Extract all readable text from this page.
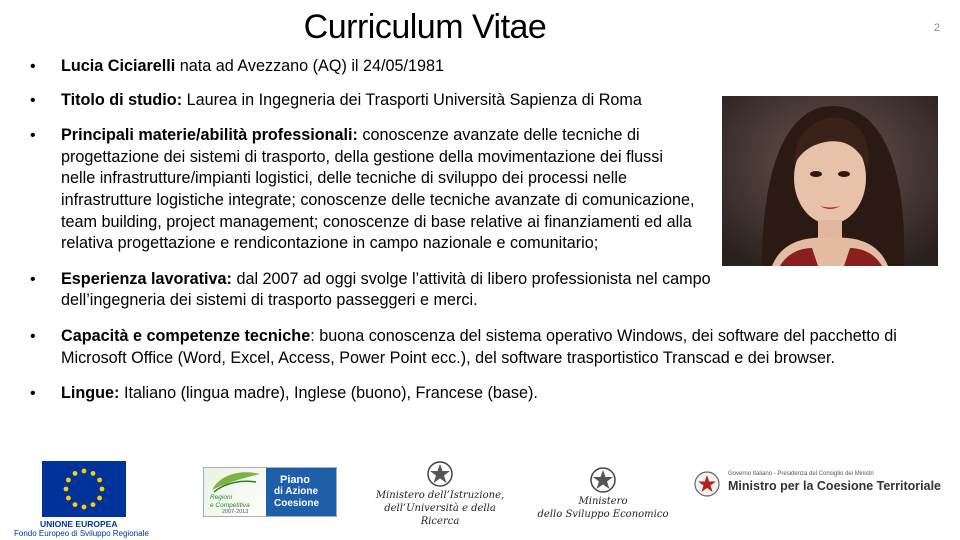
Curriculum Vitae	2
• Lucia Ciciarelli nata ad Avezzano (AQ) il 24/05/1981
• Titolo di studio: Laurea in Ingegneria dei Trasporti Università Sapienza di Roma
• Principali materie/abilità professionali: conoscenze avanzate delle tecniche di progettazione dei sistemi di trasporto, della gestione della movimentazione dei flussi nelle infrastrutture/impianti logistici, delle tecniche di sviluppo dei processi nelle infrastrutture logistiche integrate; conoscenze delle tecniche avanzate di comunicazione, team building, project management; conoscenze di base relative ai finanziamenti ed alla relativa progettazione e rendicontazione in campo nazionale e comunitario;
• Esperienza lavorativa: dal 2007 ad oggi svolge l’attività di libero professionista nel campo dell’ingegneria dei sistemi di trasporto passeggeri e merci.
• Capacità e competenze tecniche: buona conoscenza del sistema operativo Windows, dei software del pacchetto di Microsoft Office (Word, Excel, Access, Power Point ecc.), del software trasportistico Transcad e dei browser.
• Lingue: Italiano (lingua madre), Inglese (buono), Francese (base).
UNIONE EUROPEA
Fondo Europeo di Sviluppo Regionale
Regioni
e Competitiva
2007-2013
Piano
di Azione
Coesione
Ministero dell’Istruzione,
dell’Università e della Ricerca
Ministero
dello Sviluppo Economico
Governo Italiano - Presidenza del Consiglio dei Ministri
Ministro per la Coesione Territoriale
